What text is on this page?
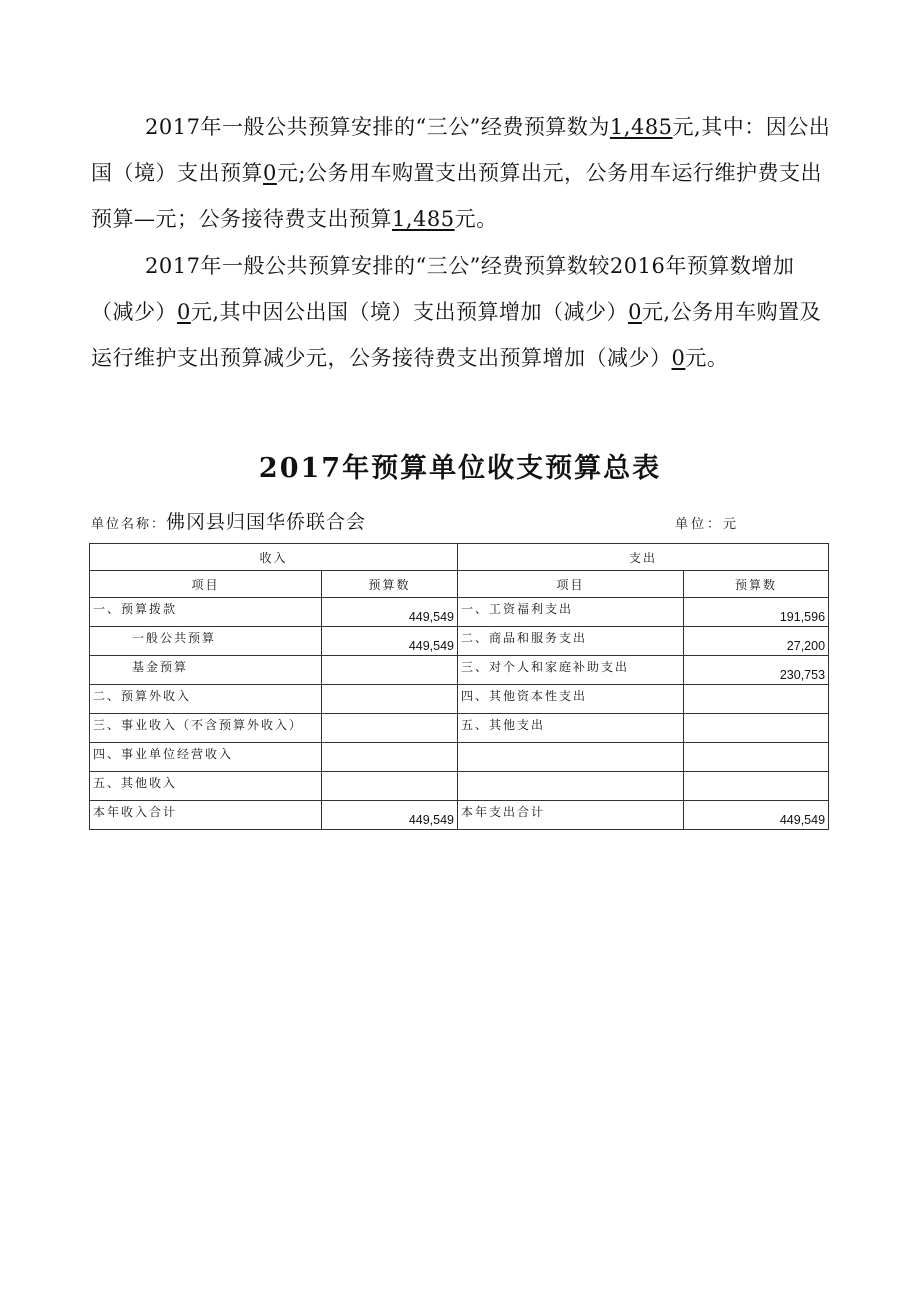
2017年一般公共预算安排的“三公”经费预算数为1,485元,其中：因公出国（境）支出预算0元;公务用车购置支出预算出元，公务用车运行维护费支出预算—元；公务接待费支出预算1,485元。

2017年一般公共预算安排的“三公”经费预算数较2016年预算数增加（减少）0元,其中因公出国（境）支出预算增加（减少）0元,公务用车购置及运行维护支出预算减少元，公务接待费支出预算增加（减少）0元。

2017年预算单位收支预算总表
单位名称：佛冈县归国华侨联合会	单位：元
收入		支出	
项目	预算数	项目	预算数
一、预算拨款	449,549	一、工资福利支出	191,596
一般公共预算	449,549	二、商品和服务支出	27,200
基金预算		三、对个人和家庭补助支出	230,753
二、预算外收入		四、其他资本性支出	
三、事业收入（不含预算外收入）		五、其他支出	
四、事业单位经营收入			
五、其他收入			
本年收入合计	449,549	本年支出合计	449,549
